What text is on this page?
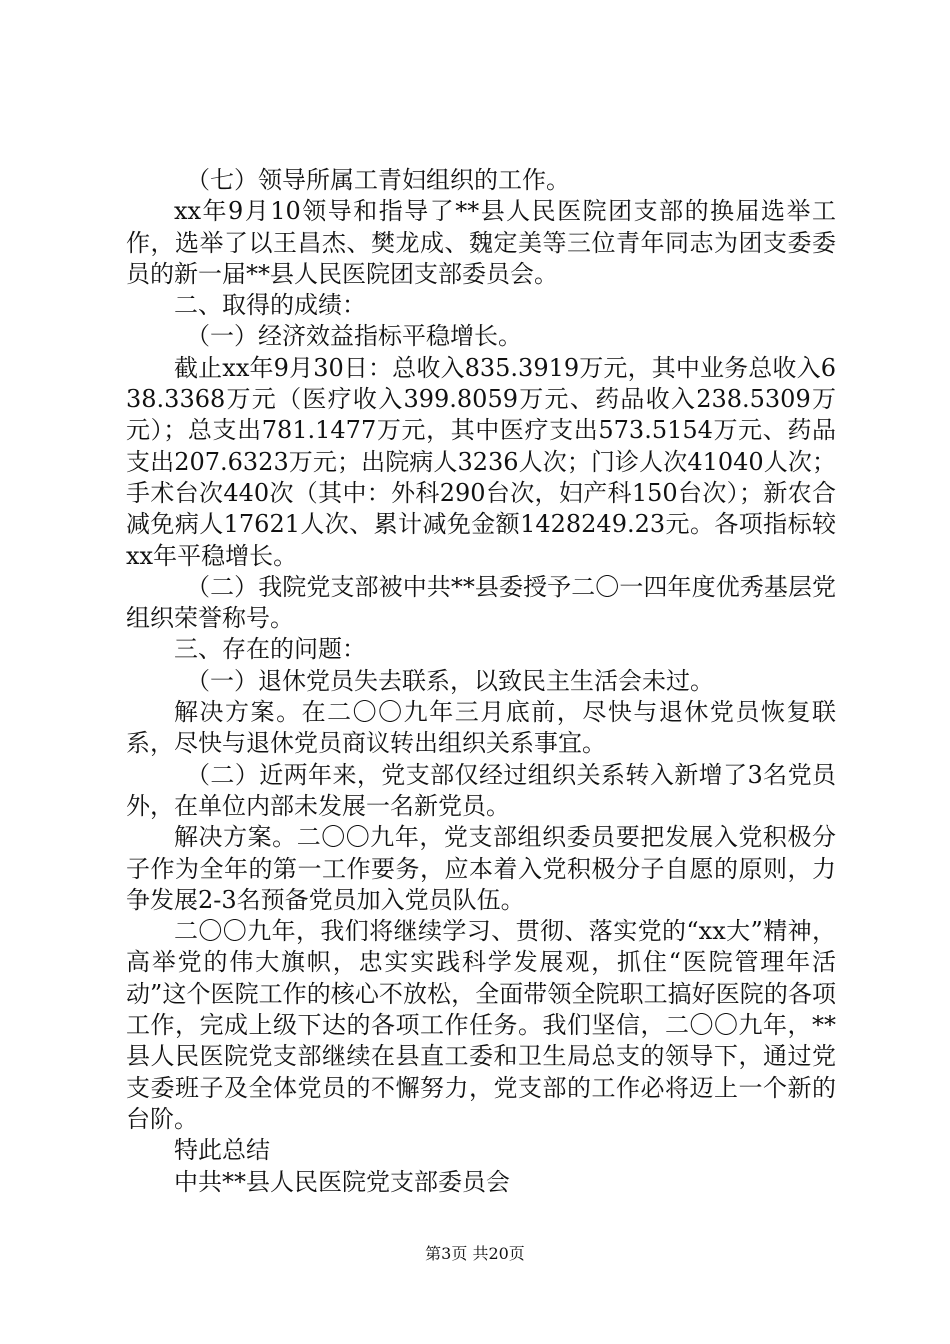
（七）领导所属工青妇组织的工作。

xx年9月10领导和指导了**县人民医院团支部的换届选举工作，选举了以王昌杰、樊龙成、魏定美等三位青年同志为团支委委员的新一届**县人民医院团支部委员会。

二、取得的成绩：

（一）经济效益指标平稳增长。

截止xx年9月30日：总收入835.3919万元，其中业务总收入638.3368万元（医疗收入399.8059万元、药品收入238.5309万元）；总支出781.1477万元，其中医疗支出573.5154万元、药品支出207.6323万元；出院病人3236人次；门诊人次41040人次；手术台次440次（其中：外科290台次，妇产科150台次）；新农合减免病人17621人次、累计减免金额1428249.23元。各项指标较xx年平稳增长。

（二）我院党支部被中共**县委授予二〇一四年度优秀基层党组织荣誉称号。

三、存在的问题：

（一）退休党员失去联系，以致民主生活会未过。

解决方案。在二〇〇九年三月底前，尽快与退休党员恢复联系，尽快与退休党员商议转出组织关系事宜。

（二）近两年来，党支部仅经过组织关系转入新增了3名党员外，在单位内部未发展一名新党员。

解决方案。二〇〇九年，党支部组织委员要把发展入党积极分子作为全年的第一工作要务，应本着入党积极分子自愿的原则，力争发展2-3名预备党员加入党员队伍。

二〇〇九年，我们将继续学习、贯彻、落实党的“xx大”精神，高举党的伟大旗帜，忠实实践科学发展观，抓住“医院管理年活动”这个医院工作的核心不放松，全面带领全院职工搞好医院的各项工作，完成上级下达的各项工作任务。我们坚信，二〇〇九年，**县人民医院党支部继续在县直工委和卫生局总支的领导下，通过党支委班子及全体党员的不懈努力，党支部的工作必将迈上一个新的台阶。

特此总结

中共**县人民医院党支部委员会

第3页 共20页
